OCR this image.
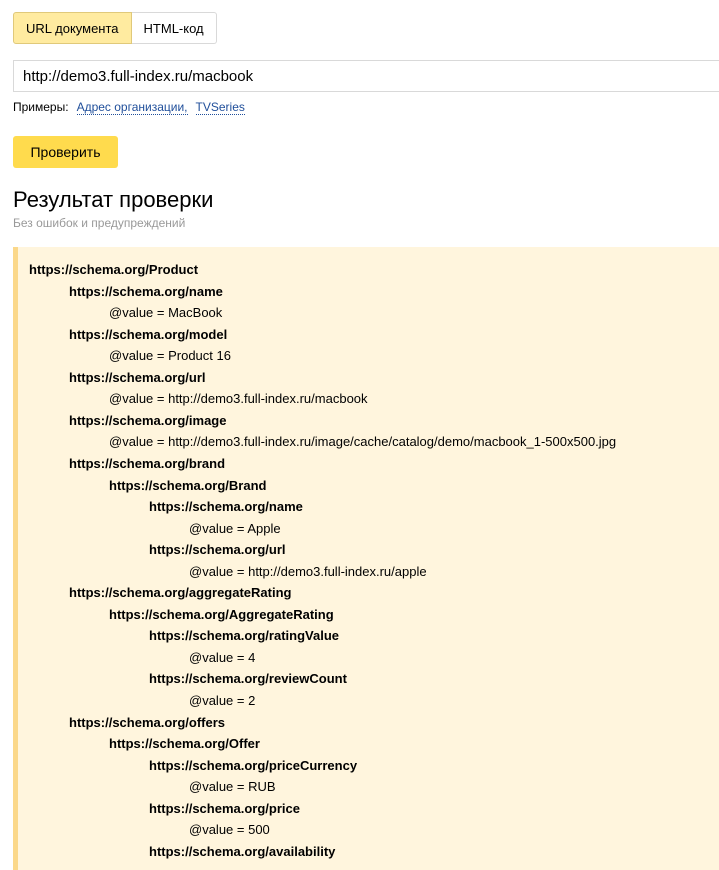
URL документа	HTML-код
http://demo3.full-index.ru/macbook
Примеры: Адрес организации, TVSeries
Проверить
Результат проверки
Без ошибок и предупреждений
https://schema.org/Product
https://schema.org/name
@value = MacBook
https://schema.org/model
@value = Product 16
https://schema.org/url
@value = http://demo3.full-index.ru/macbook
https://schema.org/image
@value = http://demo3.full-index.ru/image/cache/catalog/demo/macbook_1-500x500.jpg
https://schema.org/brand
https://schema.org/Brand
https://schema.org/name
@value = Apple
https://schema.org/url
@value = http://demo3.full-index.ru/apple
https://schema.org/aggregateRating
https://schema.org/AggregateRating
https://schema.org/ratingValue
@value = 4
https://schema.org/reviewCount
@value = 2
https://schema.org/offers
https://schema.org/Offer
https://schema.org/priceCurrency
@value = RUB
https://schema.org/price
@value = 500
https://schema.org/availability
